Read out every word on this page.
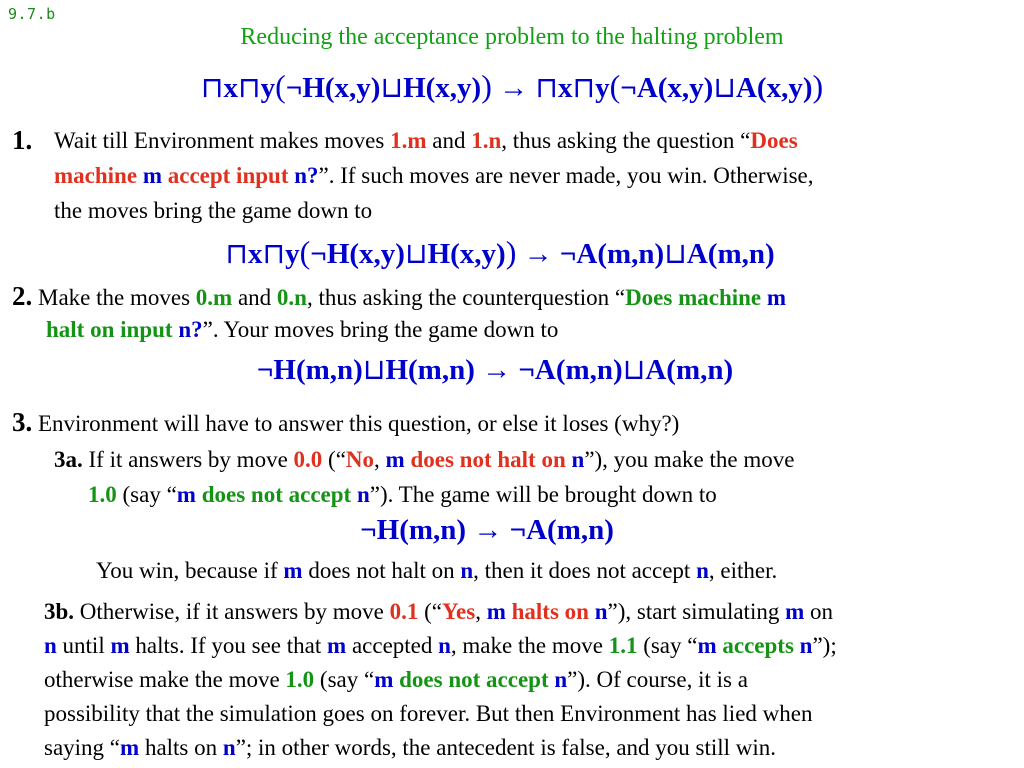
9.7.b
Reducing the acceptance problem to the halting problem
⊓x⊓y(¬H(x,y)⊔H(x,y)) → ⊓x⊓y(¬A(x,y)⊔A(x,y))
1. Wait till Environment makes moves 1.m and 1.n, thus asking the question “Does
machine m accept input n?”. If such moves are never made, you win. Otherwise,
the moves bring the game down to
⊓x⊓y(¬H(x,y)⊔H(x,y)) → ¬A(m,n)⊔A(m,n)
2. Make the moves 0.m and 0.n, thus asking the counterquestion “Does machine m
halt on input n?”. Your moves bring the game down to
¬H(m,n)⊔H(m,n) → ¬A(m,n)⊔A(m,n)
3. Environment will have to answer this question, or else it loses (why?)
3a. If it answers by move 0.0 (“No, m does not halt on n”), you make the move
1.0 (say “m does not accept n”). The game will be brought down to
¬H(m,n) → ¬A(m,n)
You win, because if m does not halt on n, then it does not accept n, either.
3b. Otherwise, if it answers by move 0.1 (“Yes, m halts on n”), start simulating m on
n until m halts. If you see that m accepted n, make the move 1.1 (say “m accepts n”);
otherwise make the move 1.0 (say “m does not accept n”). Of course, it is a
possibility that the simulation goes on forever. But then Environment has lied when
saying “m halts on n”; in other words, the antecedent is false, and you still win.
